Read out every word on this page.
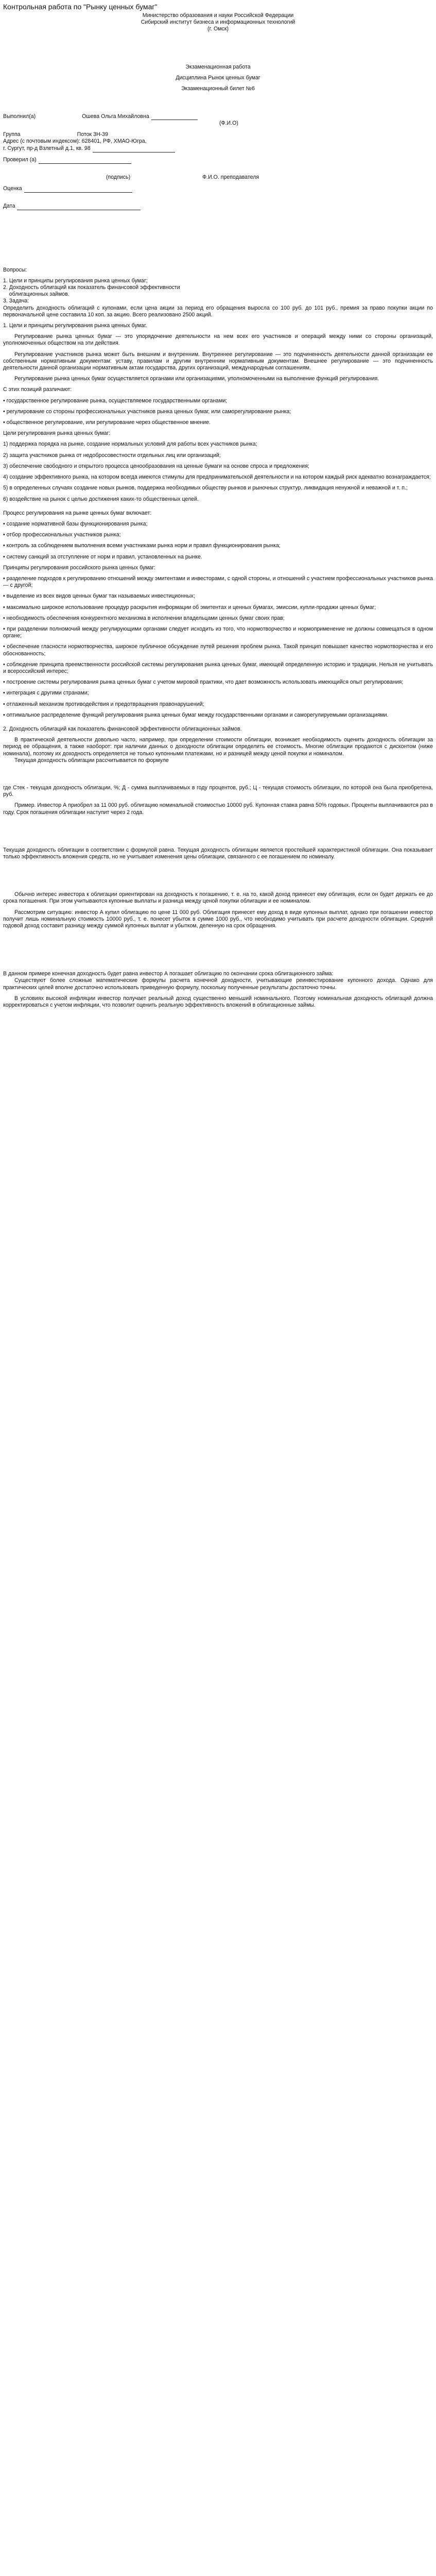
Контрольная работа по "Рынку ценных бумаг"
Министерство образования и науки Российской Федерации
Сибирский институт бизнеса и информационных технологий
(г. Омск)
Экзаменационная работа
Дисциплина Рынок ценных бумаг
Экзаменационный билет №6
Выполнил(а)	Ошева Ольга Михайловна
(Ф.И.О)
Группа	Поток 3Н-39
Адрес (с почтовым индексом): 628401, РФ, ХМАО-Югра,
г. Сургут, пр-д Взлетный д.1, кв. 98
Проверил (а)
(подпись)	Ф.И.О. преподавателя
Оценка
Дата
Вопросы:
1. Цели и принципы регулирования рынка ценных бумаг;
2. Доходность облигаций как показатель финансовой эффективности
облигационных займов.
3. Задача:

Определить доходность облигаций с купонами, если цена акции за период его обращения выросла со 100 руб. до 101 руб., премия за право покупки акции по первоначальной цене составила 10 коп. за акцию. Всего реализовано 2500 акций.

1. Цели и принципы регулирования рынка ценных бумаг.

Регулирование рынка ценных бумаг — это упорядочение деятельности на нем всех его участников и операций между ними со стороны организаций, уполномоченных обществом на эти действия.

Регулирование участников рынка может быть внешним и внутренним. Внутреннее регулирование — это подчиненность деятельности данной организации ее собственным нормативным документам: уставу, правилам и другим внутренним нормативным документам. Внешнее регулирование — это подчиненность деятельности данной организации нормативным актам государства, других организаций, международным соглашениям.

Регулирование рынка ценных бумаг осуществляется органами или организациями, уполномоченными на выполнение функций регулирования.

С этих позиций различают:

• государственное регулирование рынка, осуществляемое государственными органами;

• регулирование со стороны профессиональных участников рынка ценных бумаг, или саморегулирование рынка;

• общественное регулирование, или регулирование через общественное мнение.

Цели регулирования рынка ценных бумаг:

1) поддержка порядка на рынке, создание нормальных условий для работы всех участников рынка;

2) защита участников рынка от недобросовестности отдельных лиц или организаций;

3) обеспечение свободного и открытого процесса ценообразования на ценные бумаги на основе спроса и предложения;

4) создание эффективного рынка, на котором всегда имеются стимулы для предпринимательской деятельности и на котором каждый риск адекватно вознаграждается;

5) в определенных случаях создание новых рынков, поддержка необходимых обществу рынков и рыночных структур, ликвидация ненужной и неважной и т. п.;

6) воздействие на рынок с целью достижения каких-то общественных целей.

Процесс регулирования на рынке ценных бумаг включает:

• создание нормативной базы функционирования рынка;

• отбор профессиональных участников рынка;

• контроль за соблюдением выполнения всеми участниками рынка норм и правил функционирования рынка;

• систему санкций за отступление от норм и правил, установленных на рынке.

Принципы регулирования российского рынка ценных бумаг:

• разделение подходов к регулированию отношений между эмитентами и инвесторами, с одной стороны, и отношений с участием профессиональных участников рынка — с другой;

• выделение из всех видов ценных бумаг так называемых инвестиционных;

• максимально широкое использование процедур раскрытия информации об эмитентах и ценных бумагах, эмиссии, купли-продажи ценных бумаг;

• необходимость обеспечения конкурентного механизма в исполнении владельцами ценных бумаг своих прав;

• при разделении полномочий между регулирующими органами следует исходить из того, что нормотворчество и нормоприменение не должны совмещаться в одном органе;

• обеспечение гласности нормотворчества, широкое публичное обсуждение путей решения проблем рынка. Такой принцип повышает качество нормотворчества и его обоснованность;

• соблюдение принципа преемственности российской системы регулирования рынка ценных бумаг, имеющей определенную историю и традиции. Нельзя не учитывать и всероссийский интерес;

• построение системы регулирования рынка ценных бумаг с учетом мировой практики, что дает возможность использовать имеющийся опыт регулирования;

• интеграция с другими странами;

• отлаженный механизм противодействия и предотвращения правонарушений;

• оптимальное распределение функций регулирования рынка ценных бумаг между государственными органами и саморегулируемыми организациями.

2. Доходность облигаций как показатель финансовой эффективности облигационных займов.

В практической деятельности довольно часто, например, при определении стоимости облигации, возникает необходимость оценить доходность облигации за период ее обращения, а также наоборот: при наличии данных о доходности облигации определить ее стоимость. Многие облигации продаются с дисконтом (ниже номинала), поэтому их доходность определяется не только купонными платежами, но и разницей между ценой покупки и номиналом.

Текущая доходность облигации рассчитывается по формуле

где Стек - текущая доходность облигации, %; Д - сумма выплачиваемых в году процентов, руб.; Ц - текущая стоимость облигации, по которой она была приобретена, руб.

Пример. Инвестор А приобрел за 11 000 руб. облигацию номинальной стоимостью 10000 руб. Купонная ставка равна 50% годовых. Проценты выплачиваются раз в году. Срок погашения облигации наступит через 2 года.

Текущая доходность облигации в соответствии с формулой равна. Текущая доходность облигации является простейшей характеристикой облигации. Она показывает только эффективность вложения средств, но не учитывает изменения цены облигации, связанного с ее погашением по номиналу.

Обычно интерес инвестора к облигации ориентирован на доходность к погашению, т. е. на то, какой доход принесет ему облигация, если он будет держать ее до срока погашения. При этом учитываются купонные выплаты и разница между ценой покупки облигации и ее номиналом.

Рассмотрим ситуацию: инвестор А купил облигацию по цене 11 000 руб. Облигация принесет ему доход в виде купонных выплат, однако при погашении инвестор получит лишь номинальную стоимость 10000 руб., т. е. понесет убыток в сумме 1000 руб., что необходимо учитывать при расчете доходности облигации. Средний годовой доход составит разницу между суммой купонных выплат и убытком, деленную на срок обращения.

В данном примере конечная доходность будет равна инвестор А погашает облигацию по окончании срока облигационного займа:

Существуют более сложные математические формулы расчета конечной доходности, учитывающие реинвестирование купонного дохода. Однако для практических целей вполне достаточно использовать приведенную формулу, поскольку полученные результаты достаточно точны.

В условиях высокой инфляции инвестор получает реальный доход существенно меньший номинального. Поэтому номинальная доходность облигаций должна корректироваться с учетом инфляции, что позволит оценить реальную эффективность вложений в облигационные займы.
